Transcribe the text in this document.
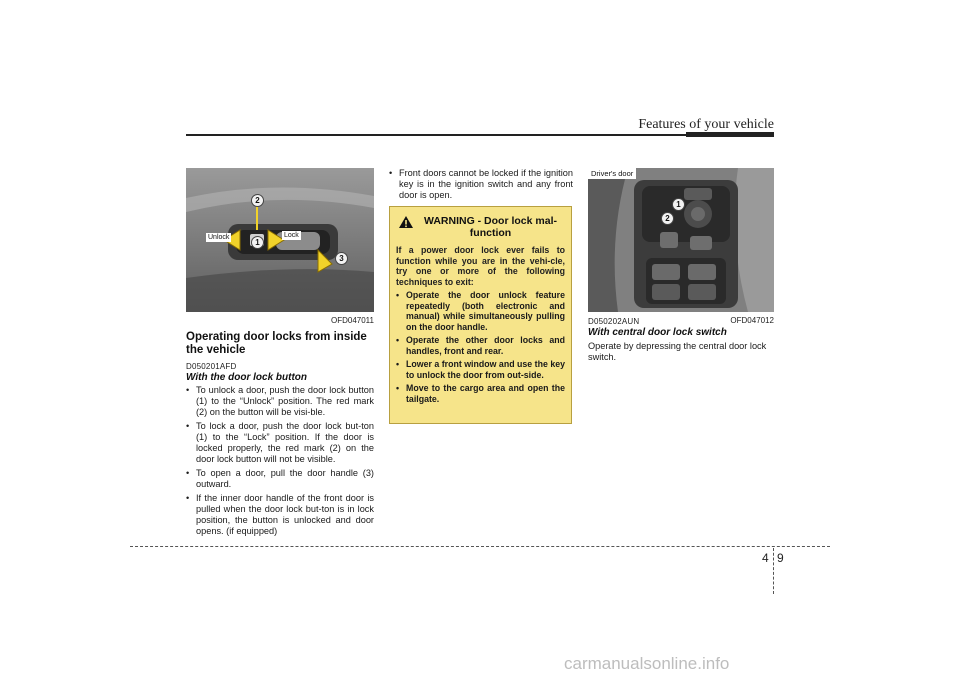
Features of your vehicle
Unlock	Lock
1
2
3
OFD047011
Operating door locks from inside the vehicle
D050201AFD
With the door lock button
• To unlock a door, push the door lock button (1) to the “Unlock” position. The red mark (2) on the button will be visi-ble.
• To lock a door, push the door lock but-ton (1) to the “Lock” position. If the door is locked properly, the red mark (2) on the door lock button will not be visible.
• To open a door, pull the door handle (3) outward.
• If the inner door handle of the front door is pulled when the door lock but-ton is in lock position, the button is unlocked and door opens. (if equipped)
• Front doors cannot be locked if the ignition key is in the ignition switch and any front door is open.
WARNING - Door lock mal-function
If a power door lock ever fails to function while you are in the vehi-cle, try one or more of the following techniques to exit:
• Operate the door unlock feature repeatedly (both electronic and manual) while simultaneously pulling on the door handle.
• Operate the other door locks and handles, front and rear.
• Lower a front window and use the key to unlock the door from out-side.
• Move to the cargo area and open the tailgate.
Driver's door
1
2
OFD047012
D050202AUN
With central door lock switch
Operate by depressing the central door lock switch.
4 9
carmanualsonline.info
